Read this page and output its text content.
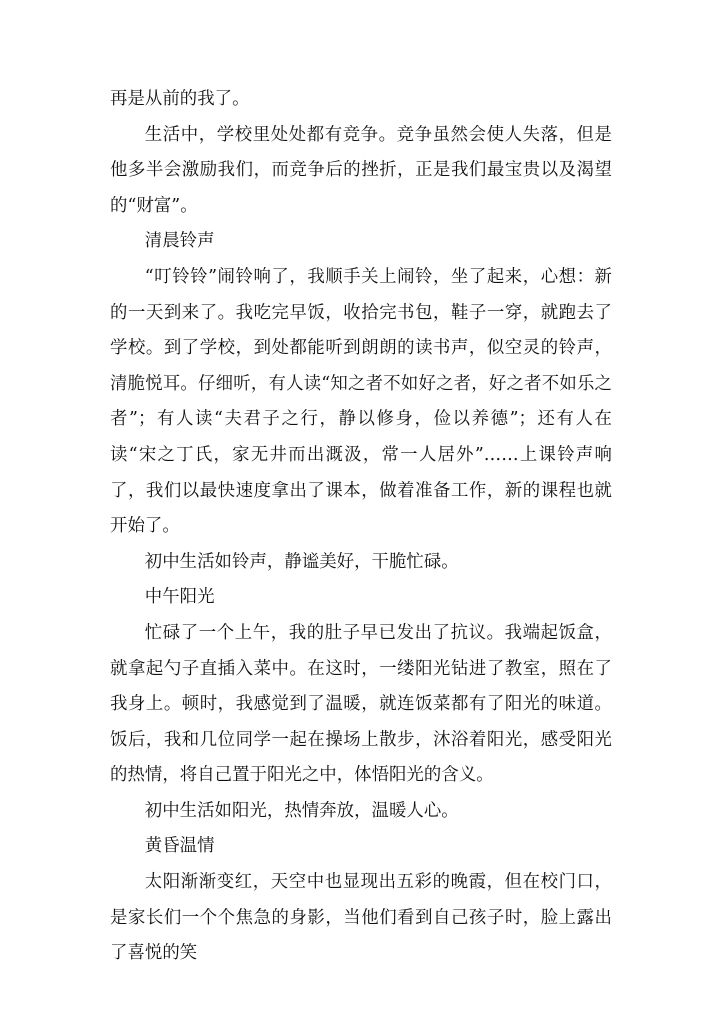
再是从前的我了。

生活中，学校里处处都有竞争。竞争虽然会使人失落，但是他多半会激励我们，而竞争后的挫折，正是我们最宝贵以及渴望的“财富”。

清晨铃声

“叮铃铃”闹铃响了，我顺手关上闹铃，坐了起来，心想：新的一天到来了。我吃完早饭，收拾完书包，鞋子一穿，就跑去了学校。到了学校，到处都能听到朗朗的读书声，似空灵的铃声，清脆悦耳。仔细听，有人读“知之者不如好之者，好之者不如乐之者”；有人读“夫君子之行，静以修身，俭以养德”；还有人在读“宋之丁氏，家无井而出溉汲，常一人居外”……上课铃声响了，我们以最快速度拿出了课本，做着准备工作，新的课程也就开始了。

初中生活如铃声，静谧美好，干脆忙碌。

中午阳光

忙碌了一个上午，我的肚子早已发出了抗议。我端起饭盒，就拿起勺子直插入菜中。在这时，一缕阳光钻进了教室，照在了我身上。顿时，我感觉到了温暖，就连饭菜都有了阳光的味道。饭后，我和几位同学一起在操场上散步，沐浴着阳光，感受阳光的热情，将自己置于阳光之中，体悟阳光的含义。

初中生活如阳光，热情奔放，温暖人心。

黄昏温情

太阳渐渐变红，天空中也显现出五彩的晚霞，但在校门口，是家长们一个个焦急的身影，当他们看到自己孩子时，脸上露出了喜悦的笑
